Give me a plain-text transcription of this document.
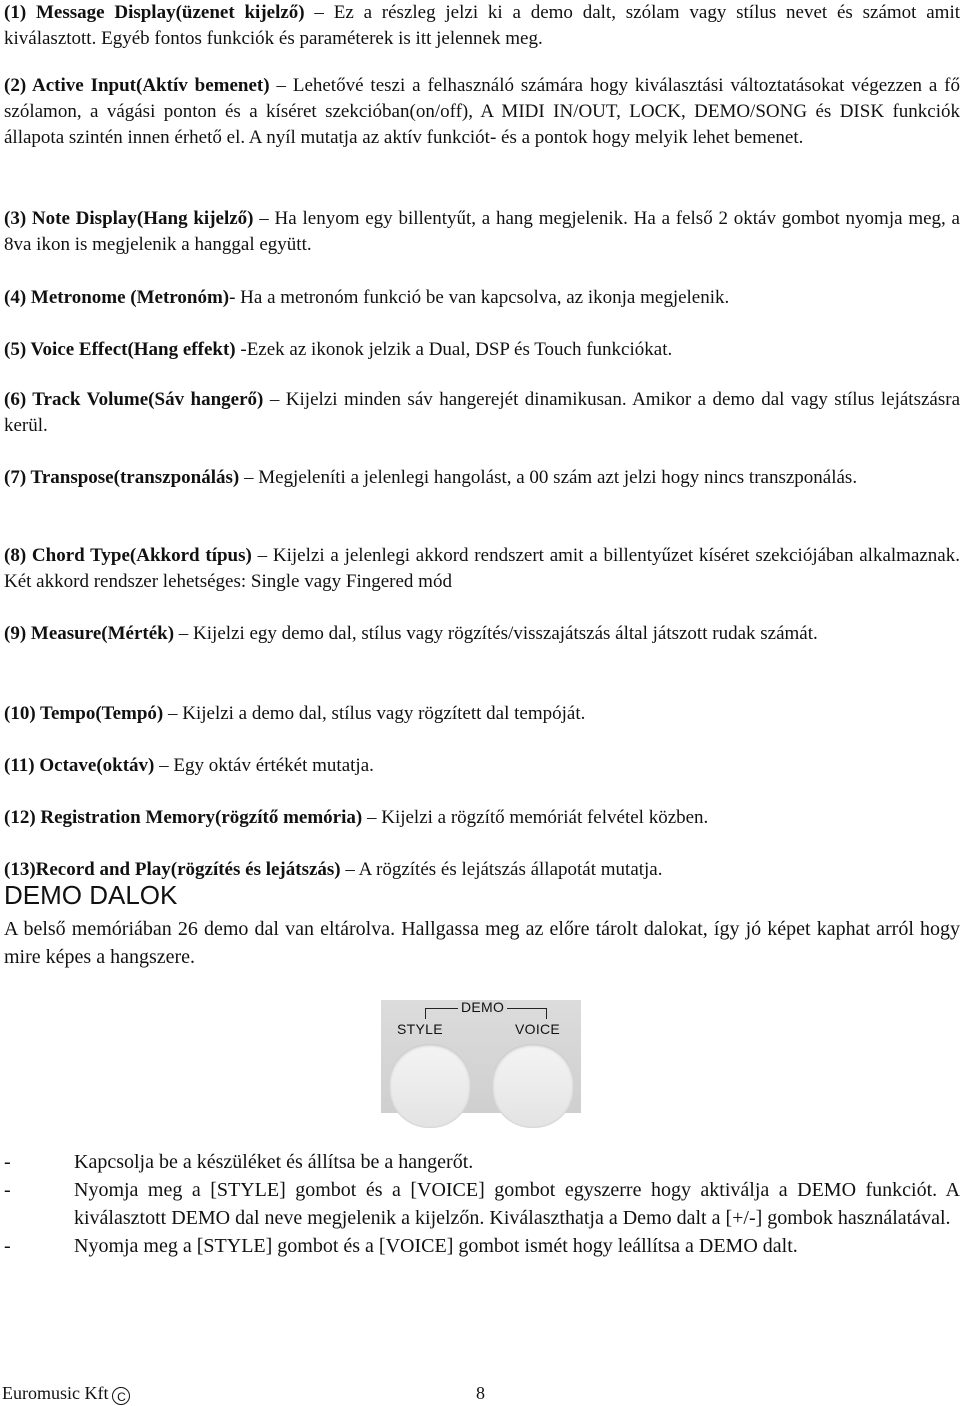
(1) Message Display(üzenet kijelző) – Ez a részleg jelzi ki a demo dalt, szólam vagy stílus nevet és számot amit kiválasztott. Egyéb fontos funkciók és paraméterek is itt jelennek meg.

(2) Active Input(Aktív bemenet) – Lehetővé teszi a felhasználó számára hogy kiválasztási változtatásokat végezzen a fő szólamon, a vágási ponton és a kíséret szekcióban(on/off), A MIDI IN/OUT, LOCK, DEMO/SONG és DISK funkciók állapota szintén innen érhető el. A nyíl mutatja az aktív funkciót- és a pontok hogy melyik lehet bemenet.

(3) Note Display(Hang kijelző) – Ha lenyom egy billentyűt, a hang megjelenik. Ha a felső 2 oktáv gombot nyomja meg, a 8va ikon is megjelenik a hanggal együtt.

(4) Metronome (Metronóm)- Ha a metronóm funkció be van kapcsolva, az ikonja megjelenik.

(5) Voice Effect(Hang effekt) -Ezek az ikonok jelzik a Dual, DSP és Touch funkciókat.

(6) Track Volume(Sáv hangerő) – Kijelzi minden sáv hangerejét dinamikusan. Amikor a demo dal vagy stílus lejátszásra kerül.

(7) Transpose(transzponálás) – Megjeleníti a jelenlegi hangolást, a 00 szám azt jelzi hogy nincs transzponálás.

(8) Chord Type(Akkord típus) – Kijelzi a jelenlegi akkord rendszert amit a billentyűzet kíséret szekciójában alkalmaznak. Két akkord rendszer lehetséges: Single vagy Fingered mód

(9) Measure(Mérték) – Kijelzi egy demo dal, stílus vagy rögzítés/visszajátszás által játszott rudak számát.

(10) Tempo(Tempó) – Kijelzi a demo dal, stílus vagy rögzített dal tempóját.

(11) Octave(oktáv) – Egy oktáv értékét mutatja.

(12) Registration Memory(rögzítő memória) – Kijelzi a rögzítő memóriát felvétel közben.

(13)Record and Play(rögzítés és lejátszás) – A rögzítés és lejátszás állapotát mutatja.

DEMO DALOK
A belső memóriában 26 demo dal van eltárolva. Hallgassa meg az előre tárolt dalokat, így jó képet kaphat arról hogy mire képes a hangszere.
DEMO
STYLE	VOICE

-	Kapcsolja be a készüléket és állítsa be a hangerőt.

-	Nyomja meg a [STYLE] gombot és a [VOICE] gombot egyszerre hogy aktiválja a DEMO funkciót. A kiválasztott DEMO dal neve megjelenik a kijelzőn. Kiválaszthatja a Demo dalt a [+/-] gombok használatával.

-	Nyomja meg a [STYLE] gombot és a [VOICE] gombot ismét hogy leállítsa a DEMO dalt.

Euromusic Kft C	8
